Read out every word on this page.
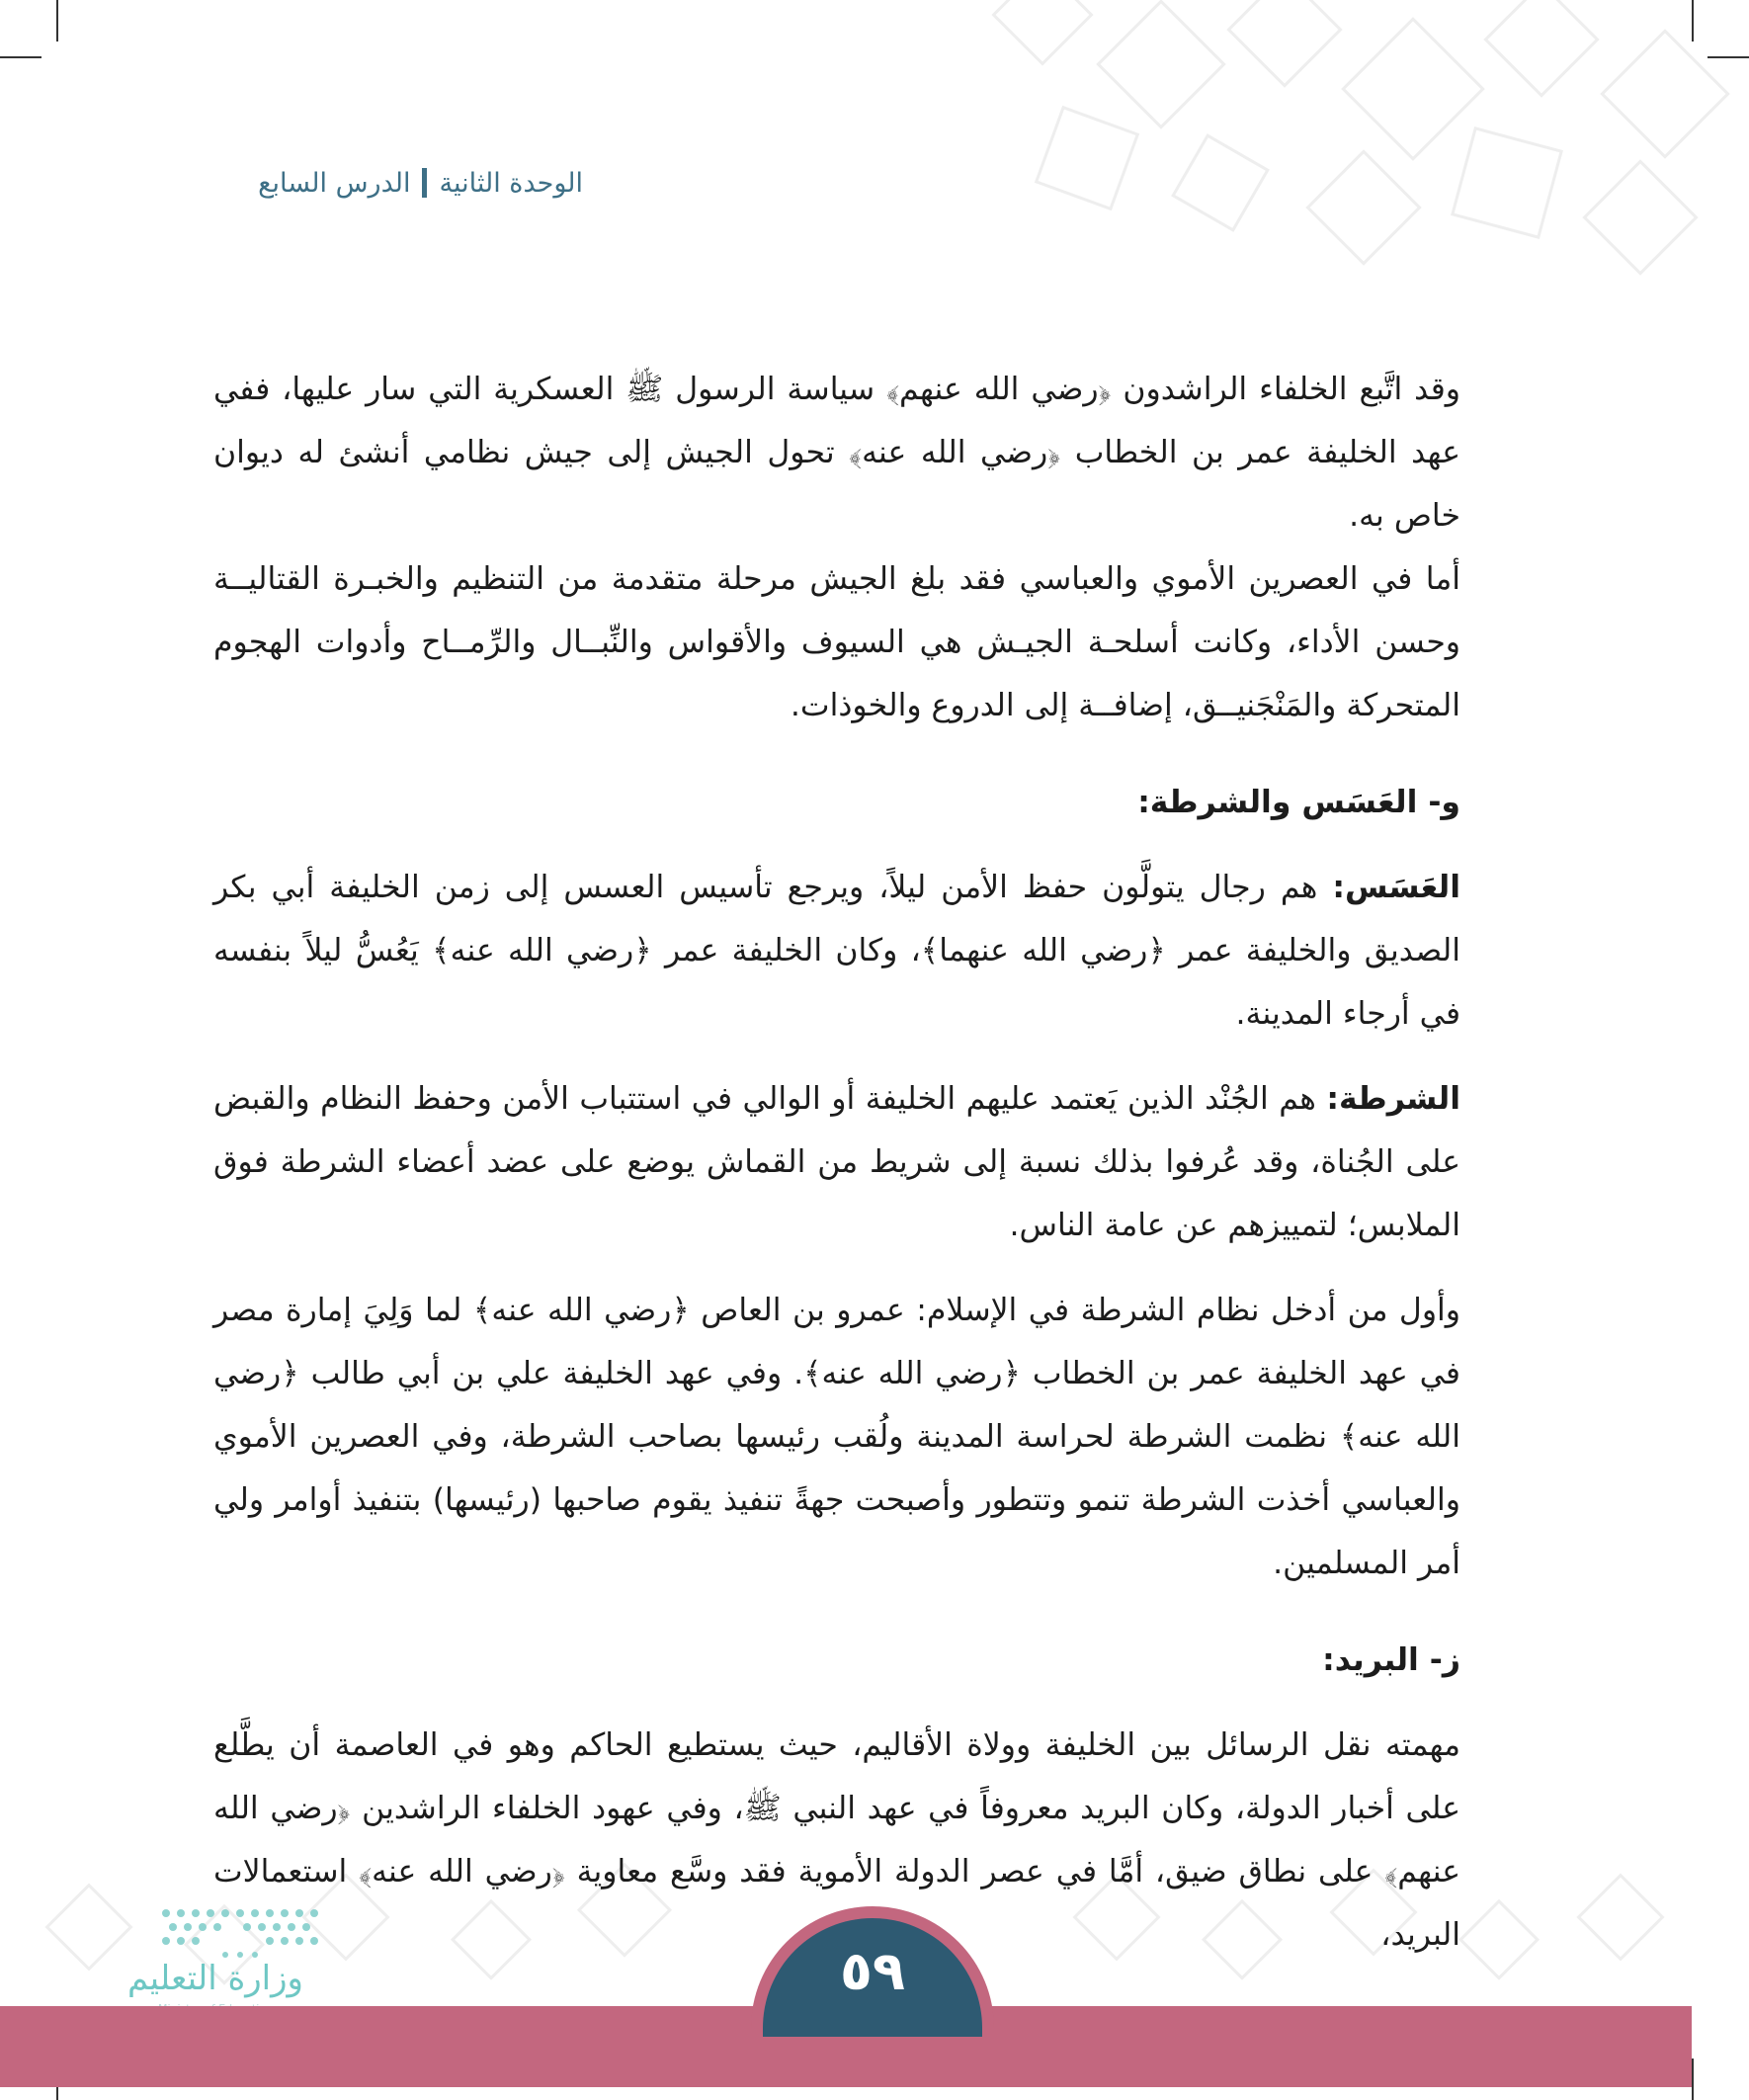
الوحدة الثانية
الدرس السابع

وقد اتَّبع الخلفاء الراشدون ﴿رضي الله عنهم﴾ سياسة الرسول ﷺ العسكرية التي سار عليها، ففي عهد الخليفة عمر بن الخطاب ﴿رضي الله عنه﴾ تحول الجيش إلى جيش نظامي أنشئ له ديوان خاص به.

أما في العصرين الأموي والعباسي فقد بلغ الجيش مرحلة متقدمة من التنظيم والخبـرة القتاليــة وحسن الأداء، وكانت أسلحـة الجيـش هي السيوف والأقواس والنِّبــال والرِّمــاح وأدوات الهجوم المتحركة والمَنْجَنيــق، إضافــة إلى الدروع والخوذات.

و- العَسَس والشرطة:

العَسَس: هم رجال يتولَّون حفظ الأمن ليلاً، ويرجع تأسيس العسس إلى زمن الخليفة أبي بكر الصديق والخليفة عمر ﴿رضي الله عنهما﴾، وكان الخليفة عمر ﴿رضي الله عنه﴾ يَعُسُّ ليلاً بنفسه في أرجاء المدينة.

الشرطة: هم الجُنْد الذين يَعتمد عليهم الخليفة أو الوالي في استتباب الأمن وحفظ النظام والقبض على الجُناة، وقد عُرفوا بذلك نسبة إلى شريط من القماش يوضع على عضد أعضاء الشرطة فوق الملابس؛ لتمييزهم عن عامة الناس.

وأول من أدخل نظام الشرطة في الإسلام: عمرو بن العاص ﴿رضي الله عنه﴾ لما وَلِيَ إمارة مصر في عهد الخليفة عمر بن الخطاب ﴿رضي الله عنه﴾. وفي عهد الخليفة علي بن أبي طالب ﴿رضي الله عنه﴾ نظمت الشرطة لحراسة المدينة ولُقب رئيسها بصاحب الشرطة، وفي العصرين الأموي والعباسي أخذت الشرطة تنمو وتتطور وأصبحت جهةً تنفيذ يقوم صاحبها (رئيسها) بتنفيذ أوامر ولي أمر المسلمين.

ز- البريد:

مهمته نقل الرسائل بين الخليفة وولاة الأقاليم، حيث يستطيع الحاكم وهو في العاصمة أن يطَّلع على أخبار الدولة، وكان البريد معروفاً في عهد النبي ﷺ، وفي عهود الخلفاء الراشدين ﴿رضي الله عنهم﴾ على نطاق ضيق، أمَّا في عصر الدولة الأموية فقد وسَّع معاوية ﴿رضي الله عنه﴾ استعمالات البريد،

وزارة التعليم	٥٩
